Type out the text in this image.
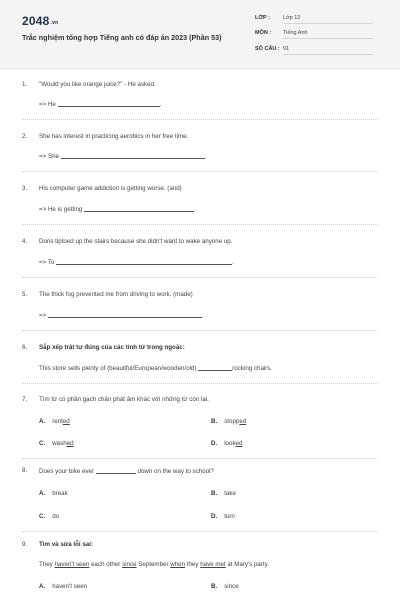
2048.vn
Trắc nghiệm tổng hợp Tiếng anh có đáp án 2023 (Phần 53)
LỚP :	Lớp 12
MÔN :	Tiếng Anh
SỐ CÂU : 91
1. "Would you like orange juice?" - He asked.
=> He	.
2. She has interest in practicing aerobics in her free time.
=> She	.
3. His computer game addiction is getting worse. (and)
=> He is getting	.
4. Doris tiptoed up the stairs because she didn't want to wake anyone up.
=> To	.
5. The thick fog prevented me from driving to work. (made)
=>	.
6. Sắp xếp trật tự đúng của các tính từ trong ngoặc:
This store sells plenty of (beautiful/European/wooden/old)	rocking chairs.
7. Tìm từ có phần gạch chân phát âm khác với những từ còn lại.
A. rented	B. stopped
C. washed	D. looked
8. Does your bike ever	down on the way to school?
A. break	B. take
C. do	D. turn
9. Tìm và sửa lỗi sai:
They haven't seen each other since September when they have met at Mary's party.
A. haven't seen	B. since
